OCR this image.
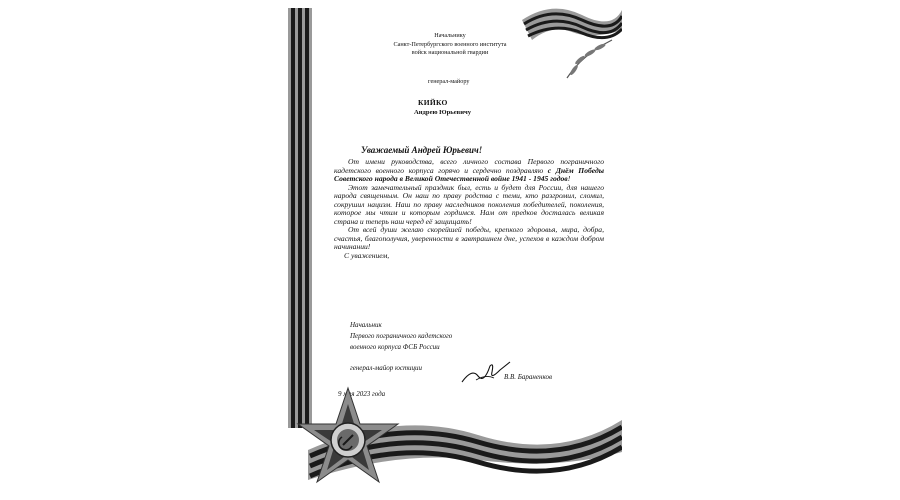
Начальнику
Санкт-Петербургского военного института
войск национальной гвардии
генерал-майору
КИЙКО
Андрею Юрьевичу
Уважаемый Андрей Юрьевич!

От имени руководства, всего личного состава Первого пограничного кадетского военного корпуса горячо и сердечно поздравляю с Днём Победы Советского народа в Великой Отечественной войне 1941 - 1945 годов!

Этот замечательный праздник был, есть и будет для России, для нашего народа священным. Он наш по праву родства с теми, кто разгромил, сломил, сокрушил нацизм. Наш по праву наследников поколения победителей, поколения, которое мы чтим и которым гордимся. Нам от предков досталась великая страна и теперь наш черед её защищать!

От всей души желаю скорейшей победы, крепкого здоровья, мира, добра, счастья, благополучия, уверенности в завтрашнем дне, успехов в каждом добром начинании!

С уважением,

Начальник
Первого пограничного кадетского
военного корпуса ФСБ России
генерал-майор юстиции
В.В. Бараненков
9 мая 2023 года
